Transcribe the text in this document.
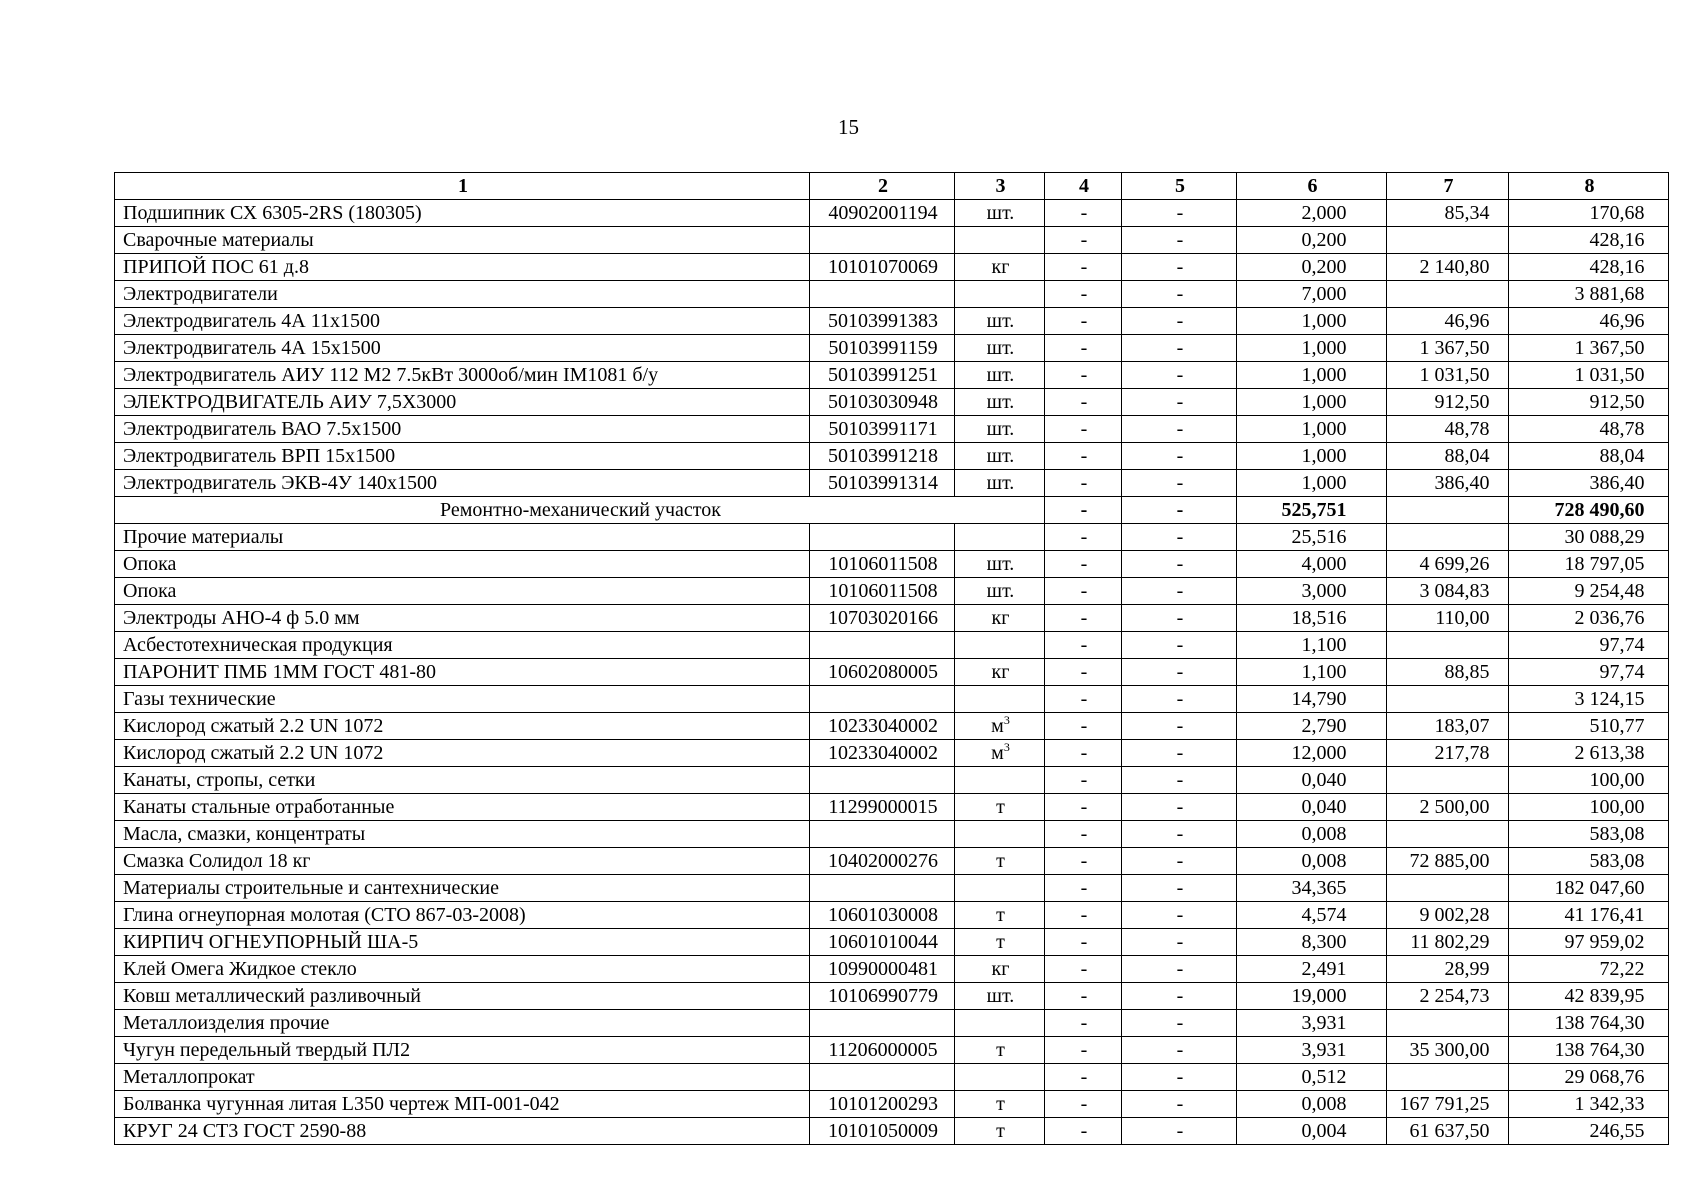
15
1	2	3	4	5	6	7	8
Подшипник СХ 6305-2RS (180305)	40902001194	шт.	-	-	2,000	85,34	170,68
Сварочные материалы			-	-	0,200		428,16
ПРИПОЙ ПОС 61 д.8	10101070069	кг	-	-	0,200	2 140,80	428,16
Электродвигатели			-	-	7,000		3 881,68
Электродвигатель 4А 11х1500	50103991383	шт.	-	-	1,000	46,96	46,96
Электродвигатель 4А 15х1500	50103991159	шт.	-	-	1,000	1 367,50	1 367,50
Электродвигатель АИУ 112 М2 7.5кВт 3000об/мин IM1081 б/у	50103991251	шт.	-	-	1,000	1 031,50	1 031,50
ЭЛЕКТРОДВИГАТЕЛЬ АИУ 7,5Х3000	50103030948	шт.	-	-	1,000	912,50	912,50
Электродвигатель ВАО 7.5х1500	50103991171	шт.	-	-	1,000	48,78	48,78
Электродвигатель ВРП 15х1500	50103991218	шт.	-	-	1,000	88,04	88,04
Электродвигатель ЭКВ-4У 140х1500	50103991314	шт.	-	-	1,000	386,40	386,40
Ремонтно-механический участок			-	-	525,751		728 490,60
Прочие материалы			-	-	25,516		30 088,29
Опока	10106011508	шт.	-	-	4,000	4 699,26	18 797,05
Опока	10106011508	шт.	-	-	3,000	3 084,83	9 254,48
Электроды АНО-4 ф 5.0 мм	10703020166	кг	-	-	18,516	110,00	2 036,76
Асбестотехническая продукция			-	-	1,100		97,74
ПАРОНИТ ПМБ 1ММ ГОСТ 481-80	10602080005	кг	-	-	1,100	88,85	97,74
Газы технические			-	-	14,790		3 124,15
Кислород сжатый 2.2 UN 1072	10233040002	$м^3$	-	-	2,790	183,07	510,77
Кислород сжатый 2.2 UN 1072	10233040002	$м^3$	-	-	12,000	217,78	2 613,38
Канаты, стропы, сетки			-	-	0,040		100,00
Канаты стальные отработанные	11299000015	т	-	-	0,040	2 500,00	100,00
Масла, смазки, концентраты			-	-	0,008		583,08
Смазка Солидол 18 кг	10402000276	т	-	-	0,008	72 885,00	583,08
Материалы строительные и сантехнические			-	-	34,365		182 047,60
Глина огнеупорная молотая (СТО 867-03-2008)	10601030008	т	-	-	4,574	9 002,28	41 176,41
КИРПИЧ ОГНЕУПОРНЫЙ ША-5	10601010044	т	-	-	8,300	11 802,29	97 959,02
Клей Омега Жидкое стекло	10990000481	кг	-	-	2,491	28,99	72,22
Ковш металлический разливочный	10106990779	шт.	-	-	19,000	2 254,73	42 839,95
Металлоизделия прочие			-	-	3,931		138 764,30
Чугун передельный твердый ПЛ2	11206000005	т	-	-	3,931	35 300,00	138 764,30
Металлопрокат			-	-	0,512		29 068,76
Болванка чугунная литая L350 чертеж МП-001-042	10101200293	т	-	-	0,008	167 791,25	1 342,33
КРУГ 24 СТ3 ГОСТ 2590-88	10101050009	т	-	-	0,004	61 637,50	246,55
